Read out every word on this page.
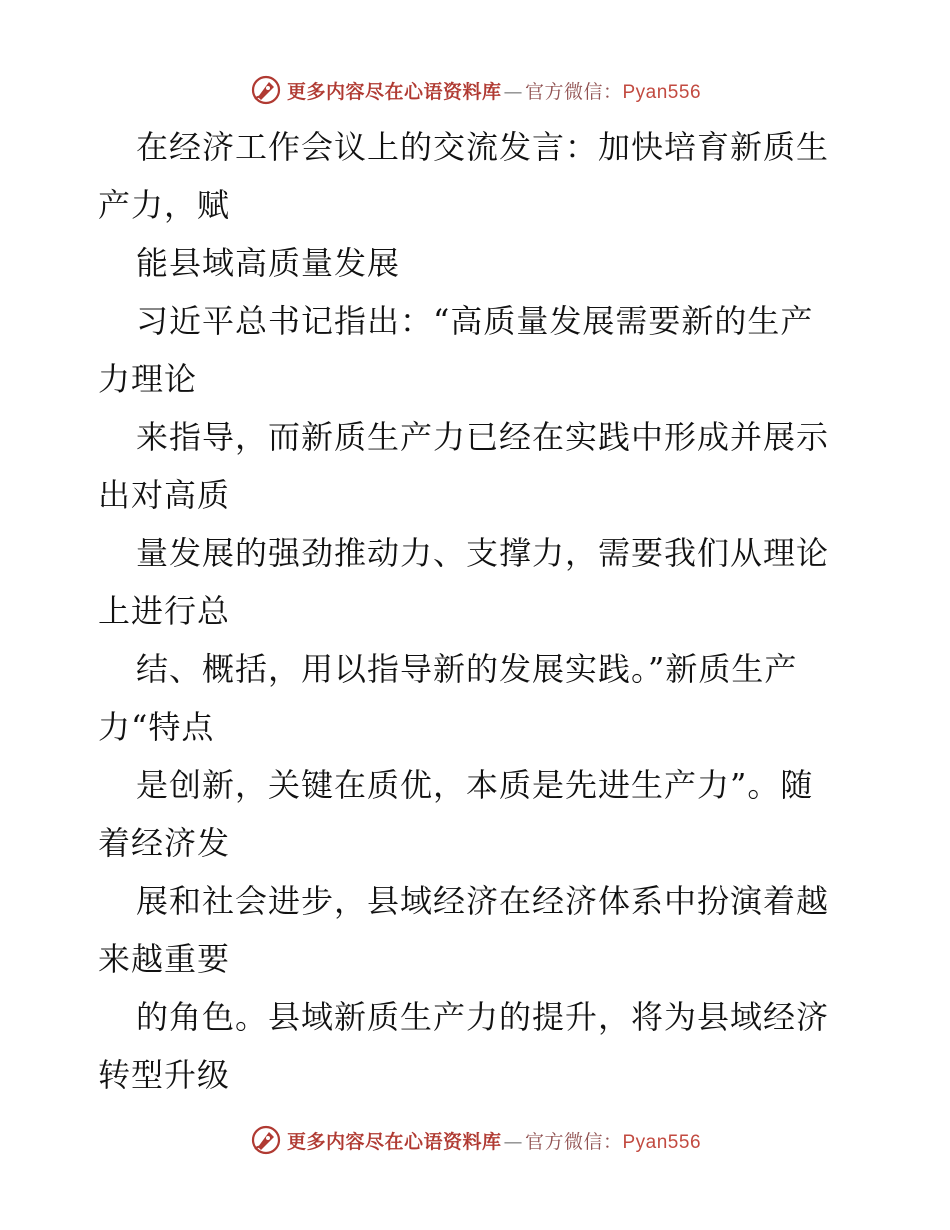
更多内容尽在心语资料库 — 官方微信：Pyan556
在经济工作会议上的交流发言：加快培育新质生
产力，赋
能县域高质量发展
习近平总书记指出：“高质量发展需要新的生产
力理论
来指导，而新质生产力已经在实践中形成并展示
出对高质
量发展的强劲推动力、支撑力，需要我们从理论
上进行总
结、概括，用以指导新的发展实践。”新质生产
力“特点
是创新，关键在质优，本质是先进生产力”。随
着经济发
展和社会进步，县域经济在经济体系中扮演着越
来越重要
的角色。县域新质生产力的提升，将为县域经济
转型升级
更多内容尽在心语资料库 — 官方微信：Pyan556
